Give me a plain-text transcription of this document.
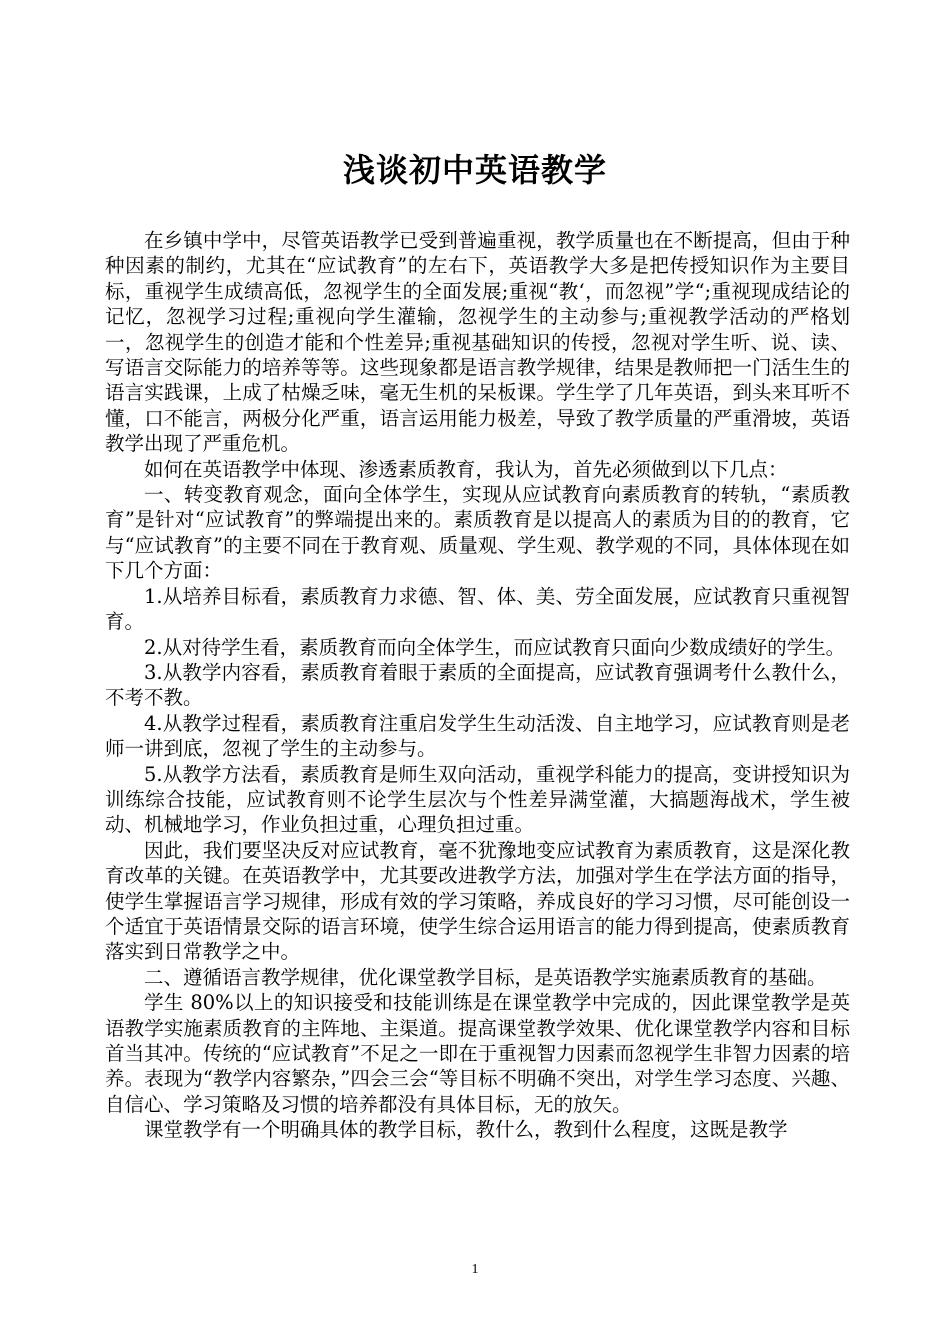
浅谈初中英语教学

在乡镇中学中，尽管英语教学已受到普遍重视，教学质量也在不断提高，但由于种种因素的制约，尤其在“应试教育”的左右下，英语教学大多是把传授知识作为主要目标，重视学生成绩高低，忽视学生的全面发展;重视“教‘，而忽视”学“;重视现成结论的记忆，忽视学习过程;重视向学生灌输，忽视学生的主动参与;重视教学活动的严格划一，忽视学生的创造才能和个性差异;重视基础知识的传授，忽视对学生听、说、读、写语言交际能力的培养等等。这些现象都是语言教学规律，结果是教师把一门活生生的语言实践课，上成了枯燥乏味，毫无生机的呆板课。学生学了几年英语，到头来耳听不懂，口不能言，两极分化严重，语言运用能力极差，导致了教学质量的严重滑坡，英语教学出现了严重危机。

如何在英语教学中体现、渗透素质教育，我认为，首先必须做到以下几点：

一、转变教育观念，面向全体学生，实现从应试教育向素质教育的转轨，“素质教育”是针对“应试教育”的弊端提出来的。素质教育是以提高人的素质为目的的教育，它与“应试教育”的主要不同在于教育观、质量观、学生观、教学观的不同，具体体现在如下几个方面：

1.从培养目标看，素质教育力求德、智、体、美、劳全面发展，应试教育只重视智育。

2.从对待学生看，素质教育而向全体学生，而应试教育只面向少数成绩好的学生。

3.从教学内容看，素质教育着眼于素质的全面提高，应试教育强调考什么教什么，不考不教。

4.从教学过程看，素质教育注重启发学生生动活泼、自主地学习，应试教育则是老师一讲到底，忽视了学生的主动参与。

5.从教学方法看，素质教育是师生双向活动，重视学科能力的提高，变讲授知识为训练综合技能，应试教育则不论学生层次与个性差异满堂灌，大搞题海战术，学生被动、机械地学习，作业负担过重，心理负担过重。

因此，我们要坚决反对应试教育，毫不犹豫地变应试教育为素质教育，这是深化教育改革的关键。在英语教学中，尤其要改进教学方法，加强对学生在学法方面的指导，使学生掌握语言学习规律，形成有效的学习策略，养成良好的学习习惯，尽可能创设一个适宜于英语情景交际的语言环境，使学生综合运用语言的能力得到提高，使素质教育落实到日常教学之中。

二、遵循语言教学规律，优化课堂教学目标，是英语教学实施素质教育的基础。

学生 80%以上的知识接受和技能训练是在课堂教学中完成的，因此课堂教学是英语教学实施素质教育的主阵地、主渠道。提高课堂教学效果、优化课堂教学内容和目标首当其冲。传统的“应试教育”不足之一即在于重视智力因素而忽视学生非智力因素的培养。表现为“教学内容繁杂，”四会三会“等目标不明确不突出，对学生学习态度、兴趣、自信心、学习策略及习惯的培养都没有具体目标，无的放矢。

课堂教学有一个明确具体的教学目标，教什么，教到什么程度，这既是教学

1
